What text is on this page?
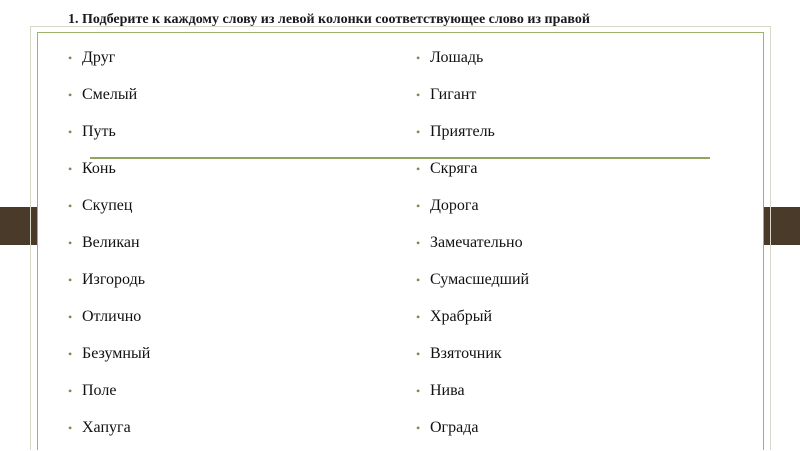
1. Подберите к каждому слову из левой колонки соответствующее слово из правой
• Друг
• Смелый
• Путь
• Конь
• Скупец
• Великан
• Изгородь
• Отлично
• Безумный
• Поле
• Хапуга
• Лошадь
• Гигант
• Приятель
• Скряга
• Дорога
• Замечательно
• Сумасшедший
• Храбрый
• Взяточник
• Нива
• Ограда
